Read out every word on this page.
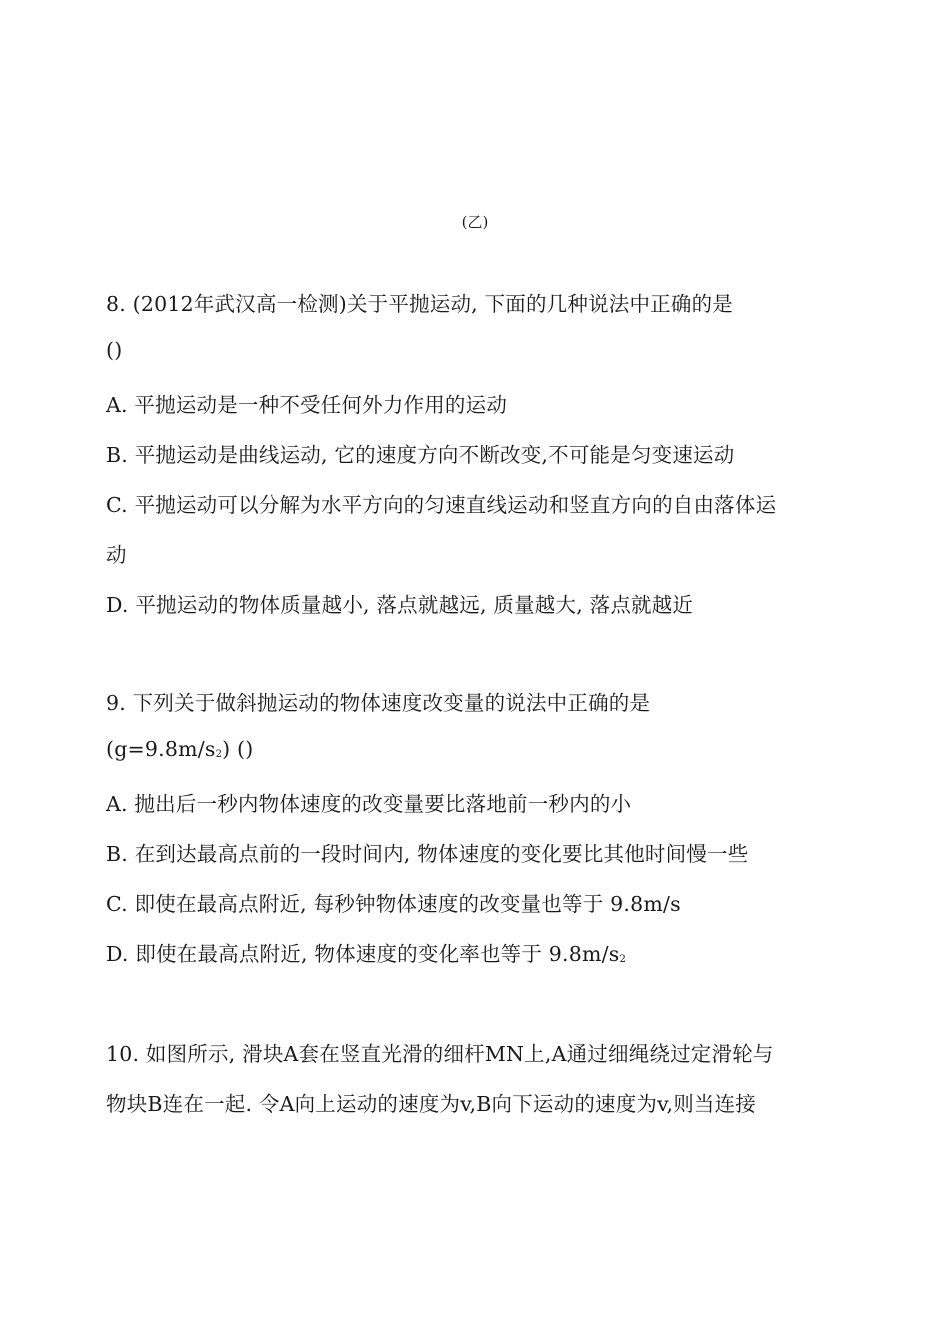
(乙)
8. (2012年武汉高一检测)关于平抛运动, 下面的几种说法中正确的是
()
A. 平抛运动是一种不受任何外力作用的运动
B. 平抛运动是曲线运动, 它的速度方向不断改变,不可能是匀变速运动
C. 平抛运动可以分解为水平方向的匀速直线运动和竖直方向的自由落体运
动
D. 平抛运动的物体质量越小, 落点就越远, 质量越大, 落点就越近
9. 下列关于做斜抛运动的物体速度改变量的说法中正确的是
$(g=9.8m/s_2)$ ()
A. 抛出后一秒内物体速度的改变量要比落地前一秒内的小
B. 在到达最高点前的一段时间内, 物体速度的变化要比其他时间慢一些
C. 即使在最高点附近, 每秒钟物体速度的改变量也等于 9.8m/s
D. 即使在最高点附近, 物体速度的变化率也等于 $9.8m/s_2$
10. 如图所示, 滑块A套在竖直光滑的细杆MN上,A通过细绳绕过定滑轮与
物块B连在一起. 令A向上运动的速度为v,B向下运动的速度为v,则当连接
